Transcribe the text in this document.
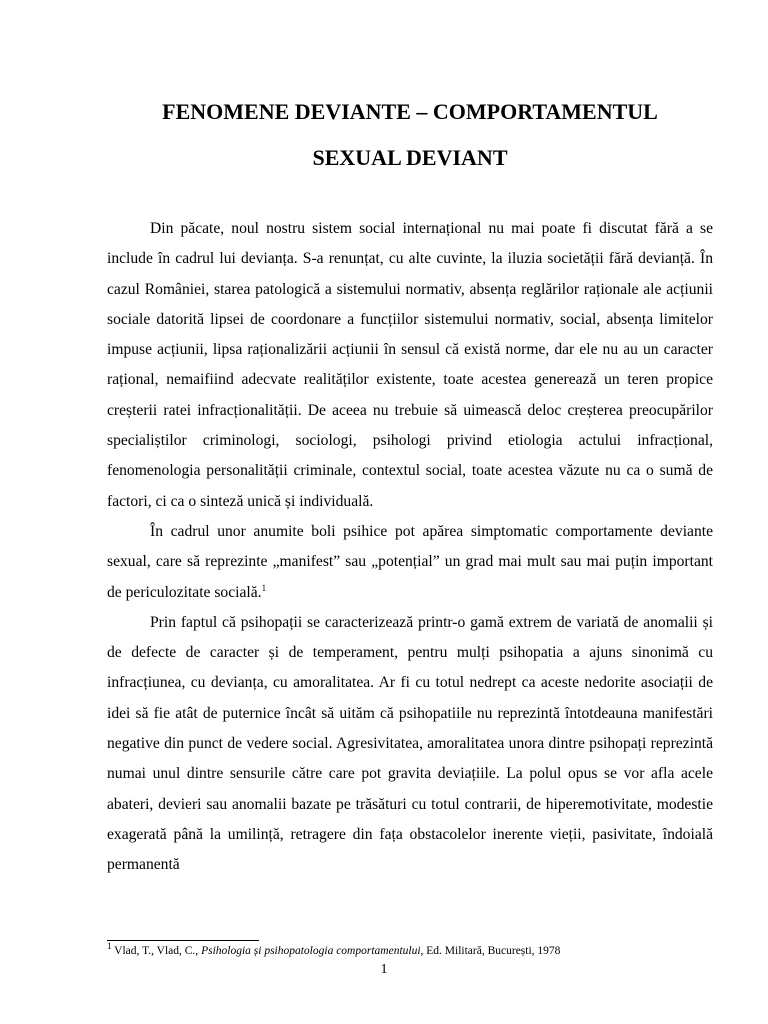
FENOMENE DEVIANTE – COMPORTAMENTUL
SEXUAL DEVIANT

Din păcate, noul nostru sistem social internațional nu mai poate fi discutat fără a se include în cadrul lui devianța. S-a renunțat, cu alte cuvinte, la iluzia societății fără devianță. În cazul României, starea patologică a sistemului normativ, absența reglărilor raționale ale acțiunii sociale datorită lipsei de coordonare a funcțiilor sistemului normativ, social, absența limitelor impuse acțiunii, lipsa raționalizării acțiunii în sensul că există norme, dar ele nu au un caracter rațional, nemaifiind adecvate realităților existente, toate acestea generează un teren propice creșterii ratei infracționalității. De aceea nu trebuie să uimească deloc creșterea preocupărilor specialiștilor criminologi, sociologi, psihologi privind etiologia actului infracțional, fenomenologia personalității criminale, contextul social, toate acestea văzute nu ca o sumă de factori, ci ca o sinteză unică și individuală.

În cadrul unor anumite boli psihice pot apărea simptomatic comportamente deviante sexual, care să reprezinte „manifest” sau „potențial” un grad mai mult sau mai puțin important de periculozitate socială.$^1$

Prin faptul că psihopații se caracterizează printr-o gamă extrem de variată de anomalii și de defecte de caracter și de temperament, pentru mulți psihopatia a ajuns sinonimă cu infracțiunea, cu devianța, cu amoralitatea. Ar fi cu totul nedrept ca aceste nedorite asociații de idei să fie atât de puternice încât să uităm că psihopatiile nu reprezintă întotdeauna manifestări negative din punct de vedere social. Agresivitatea, amoralitatea unora dintre psihopați reprezintă numai unul dintre sensurile către care pot gravita deviațiile. La polul opus se vor afla acele abateri, devieri sau anomalii bazate pe trăsături cu totul contrarii, de hiperemotivitate, modestie exagerată până la umilință, retragere din fața obstacolelor inerente vieții, pasivitate, îndoială permanentă

$^1$ Vlad, T., Vlad, C., Psihologia și psihopatologia comportamentului, Ed. Militară, București, 1978
1
